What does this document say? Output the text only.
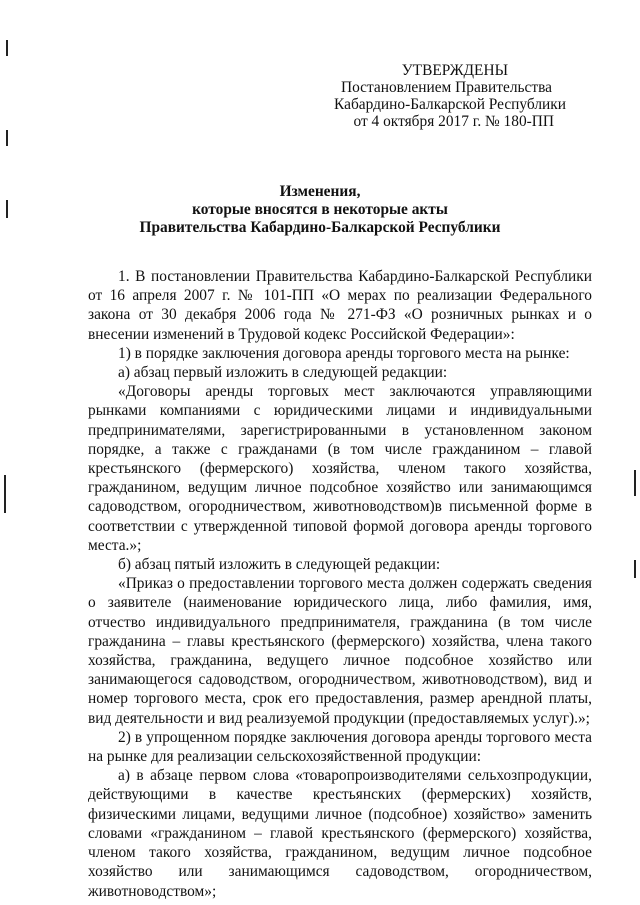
УТВЕРЖДЕНЫ
Постановлением Правительства
Кабардино-Балкарской Республики
от 4 октября 2017 г. № 180-ПП
Изменения,
которые вносятся в некоторые акты
Правительства Кабардино-Балкарской Республики

1. В постановлении Правительства Кабардино-Балкарской Республики от 16 апреля 2007 г. № 101-ПП «О мерах по реализации Федерального закона от 30 декабря 2006 года № 271-ФЗ «О розничных рынках и о внесении изменений в Трудовой кодекс Российской Федерации»:

1) в порядке заключения договора аренды торгового места на рынке:

а) абзац первый изложить в следующей редакции:

«Договоры аренды торговых мест заключаются управляющими рынками компаниями с юридическими лицами и индивидуальными предпринимателями, зарегистрированными в установленном законом порядке, а также с гражданами (в том числе гражданином – главой крестьянского (фермерского) хозяйства, членом такого хозяйства, гражданином, ведущим личное подсобное хозяйство или занимающимся садоводством, огородничеством, животноводством)в письменной форме в соответствии с утвержденной типовой формой договора аренды торгового места.»;

б) абзац пятый изложить в следующей редакции:

«Приказ о предоставлении торгового места должен содержать сведения о заявителе (наименование юридического лица, либо фамилия, имя, отчество индивидуального предпринимателя, гражданина (в том числе гражданина – главы крестьянского (фермерского) хозяйства, члена такого хозяйства, гражданина, ведущего личное подсобное хозяйство или занимающегося садоводством, огородничеством, животноводством), вид и номер торгового места, срок его предоставления, размер арендной платы, вид деятельности и вид реализуемой продукции (предоставляемых услуг).»;

2) в упрощенном порядке заключения договора аренды торгового места на рынке для реализации сельскохозяйственной продукции:

а) в абзаце первом слова «товаропроизводителями сельхозпродукции, действующими в качестве крестьянских (фермерских) хозяйств, физическими лицами, ведущими личное (подсобное) хозяйство» заменить словами «гражданином – главой крестьянского (фермерского) хозяйства, членом такого хозяйства, гражданином, ведущим личное подсобное хозяйство или занимающимся садоводством, огородничеством, животноводством»;
